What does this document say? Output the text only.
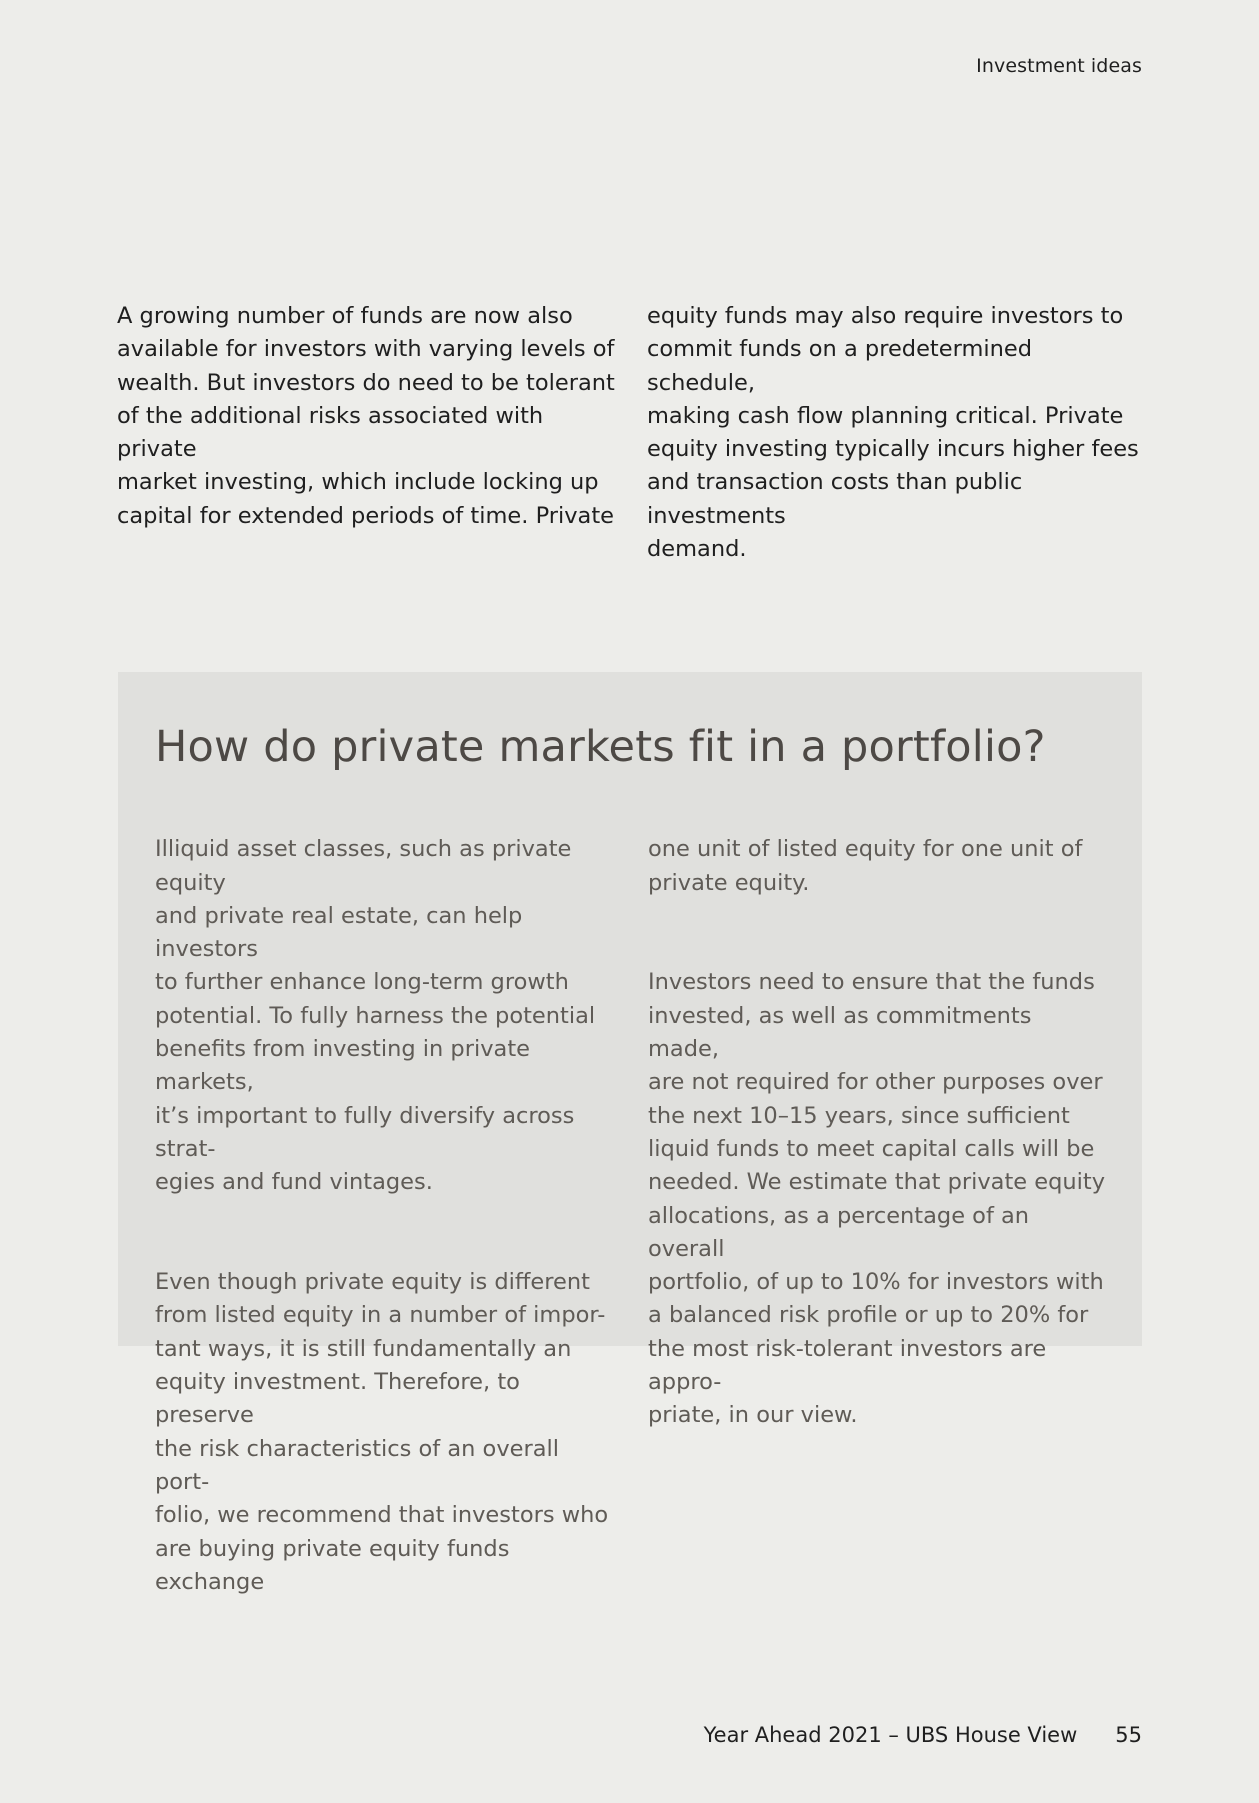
Investment ideas
A growing number of funds are now also
available for investors with varying levels of
wealth. But investors do need to be tolerant
of the additional risks associated with private
market investing, which include locking up
capital for extended periods of time. Private
equity funds may also require investors to
commit funds on a predetermined schedule,
making cash flow planning critical. Private
equity investing typically incurs higher fees
and transaction costs than public investments
demand.
How do private markets fit in a portfolio?

Illiquid asset classes, such as private equity
and private real estate, can help investors
to further enhance long-term growth
potential. To fully harness the potential
benefits from investing in private markets,
it’s important to fully diversify across strat-
egies and fund vintages.

Even though private equity is different
from listed equity in a number of impor-
tant ways, it is still fundamentally an
equity investment. Therefore, to preserve
the risk characteristics of an overall port-
folio, we recommend that investors who
are buying private equity funds exchange

one unit of listed equity for one unit of
private equity.

Investors need to ensure that the funds
invested, as well as commitments made,
are not required for other purposes over
the next 10–15 years, since sufficient
liquid funds to meet capital calls will be
needed. We estimate that private equity
allocations, as a percentage of an overall
portfolio, of up to 10% for investors with
a balanced risk profile or up to 20% for
the most risk-tolerant investors are appro-
priate, in our view.

Year Ahead 2021 – UBS House View 55
